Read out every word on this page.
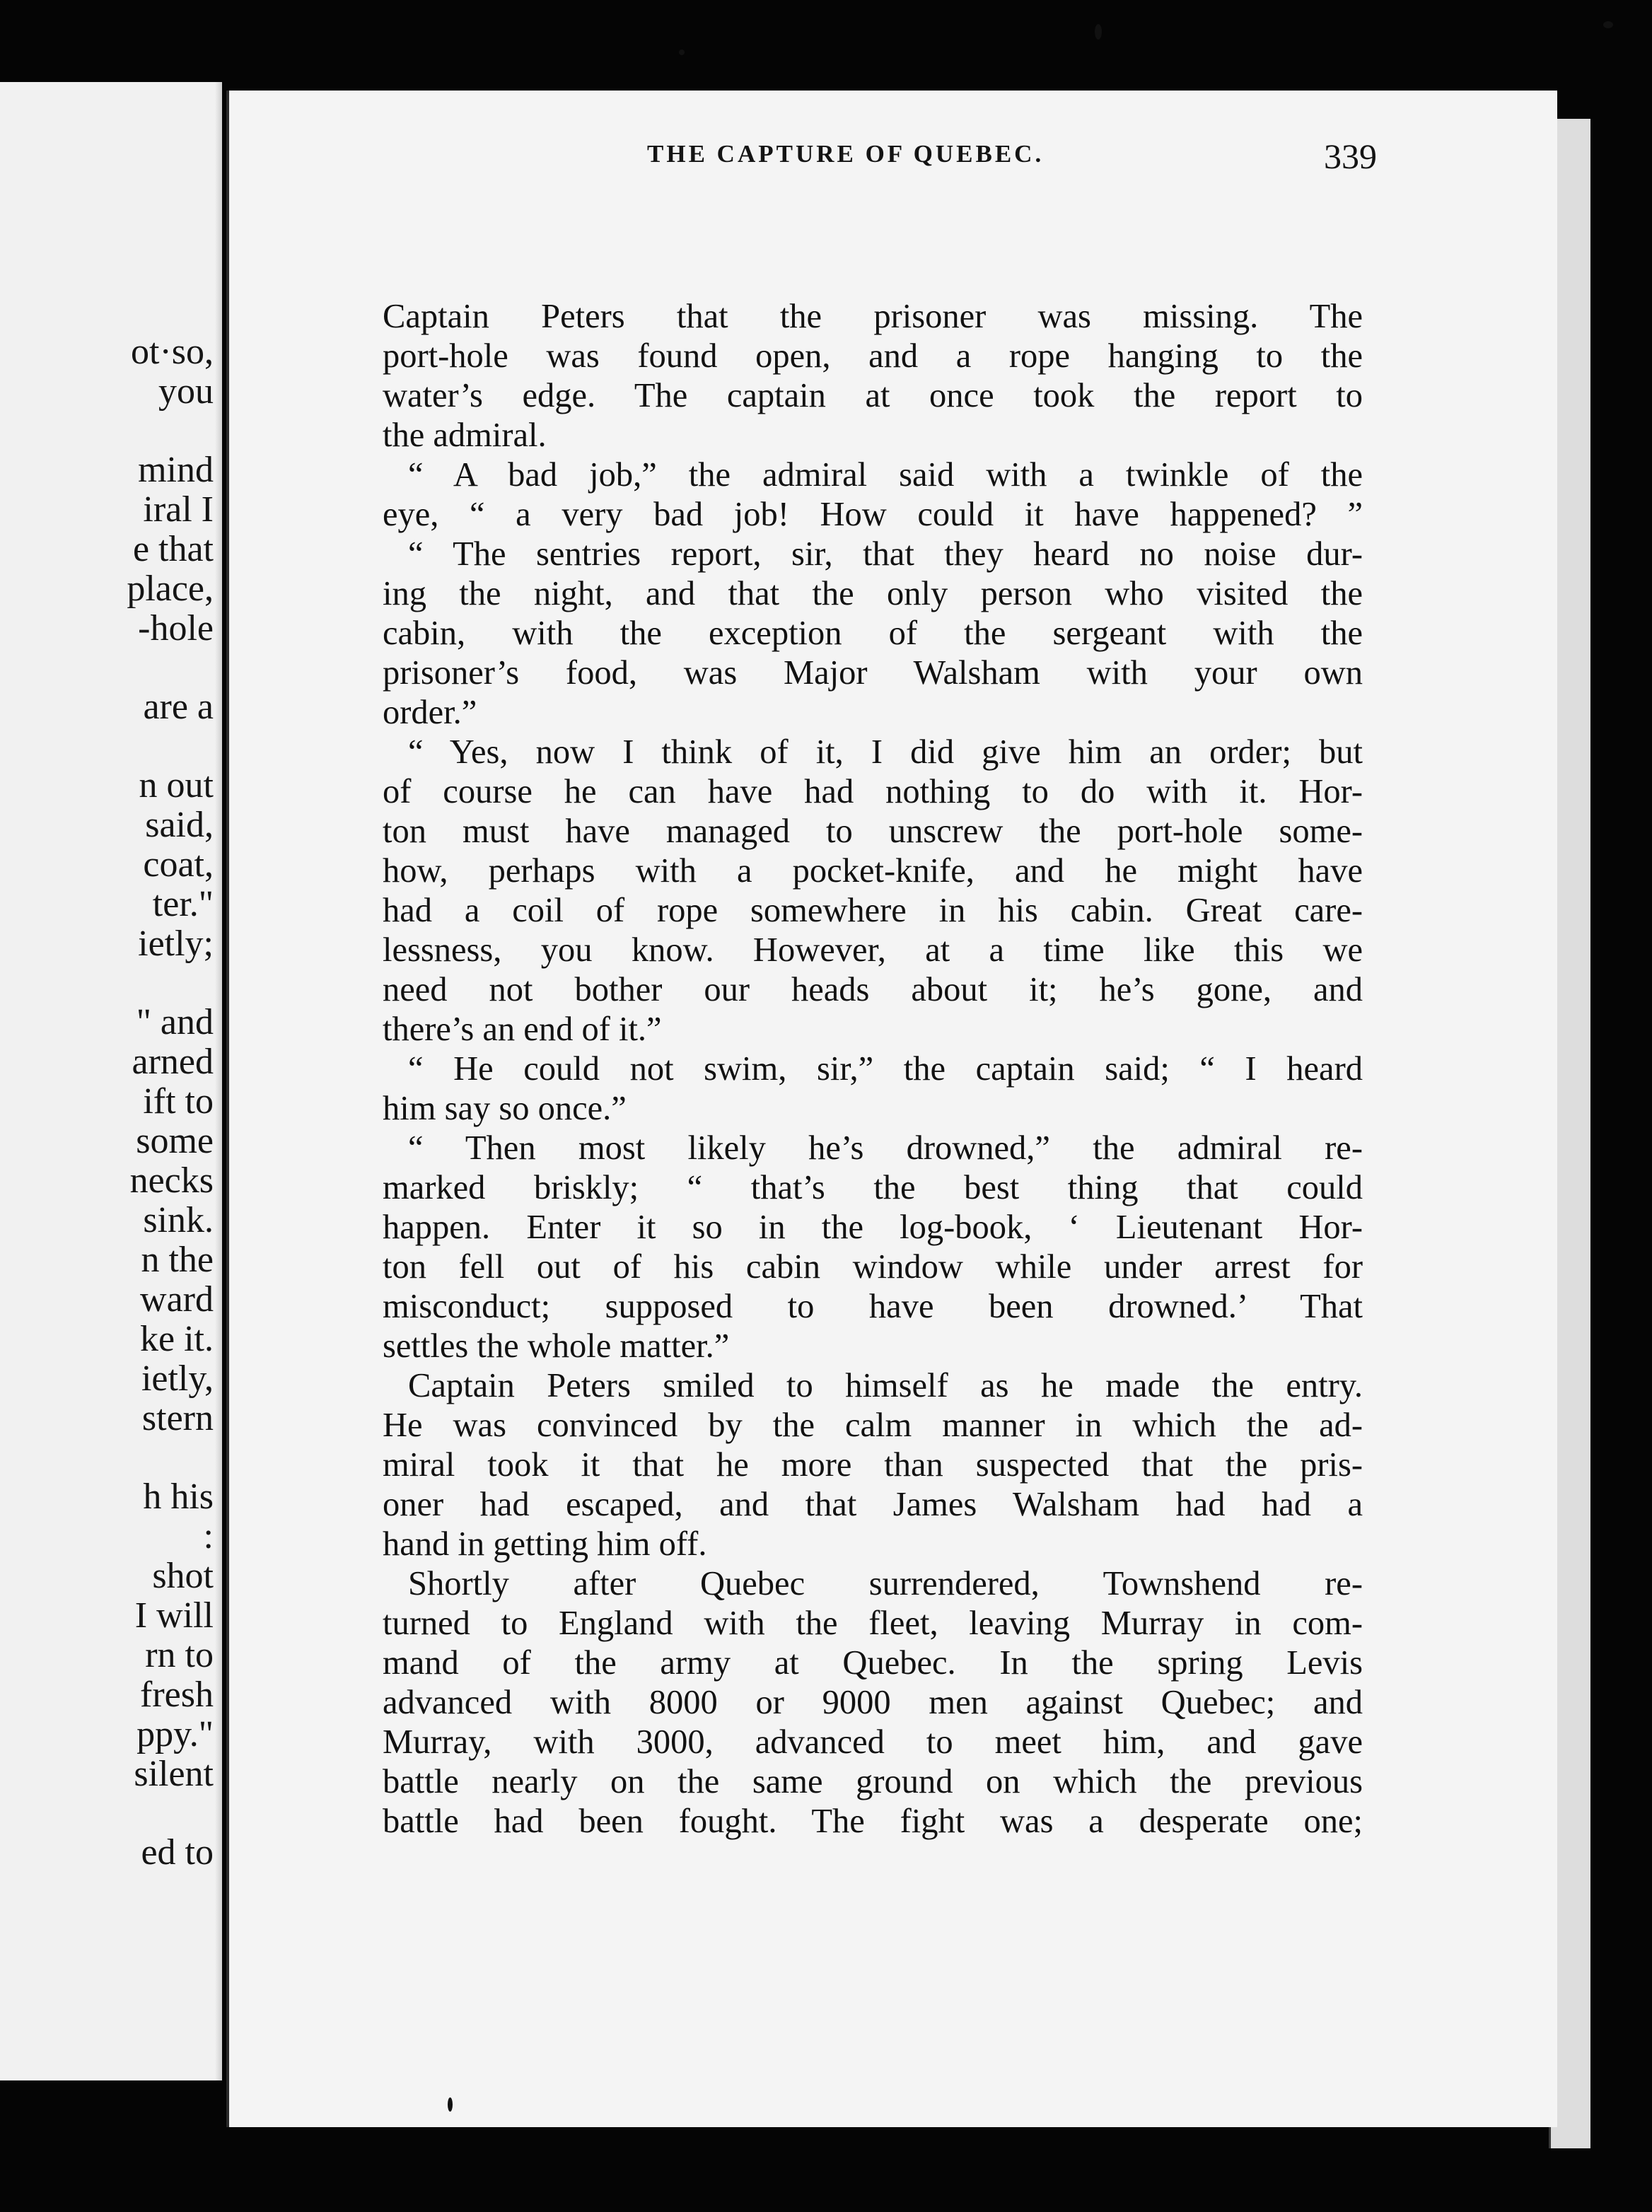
ot·so,
you
mind
iral I
e that
place,
-hole
are a
n out
said,
coat,
ter."
ietly;
" and
arned
ift to
some
necks
sink.
n the
ward
ke it.
ietly,
stern
h his
:
shot
I will
rn to
fresh
ppy."
silent
ed to
THE CAPTURE OF QUEBEC.	339
Captain Peters that the prisoner was missing. The
port-hole was found open, and a rope hanging to the
water’s edge. The captain at once took the report to
the admiral.
“ A bad job,” the admiral said with a twinkle of the
eye, “ a very bad job! How could it have happened? ”
“ The sentries report, sir, that they heard no noise dur-
ing the night, and that the only person who visited the
cabin, with the exception of the sergeant with the
prisoner’s food, was Major Walsham with your own
order.”
“ Yes, now I think of it, I did give him an order; but
of course he can have had nothing to do with it. Hor-
ton must have managed to unscrew the port-hole some-
how, perhaps with a pocket-knife, and he might have
had a coil of rope somewhere in his cabin. Great care-
lessness, you know. However, at a time like this we
need not bother our heads about it; he’s gone, and
there’s an end of it.”
“ He could not swim, sir,” the captain said; “ I heard
him say so once.”
“ Then most likely he’s drowned,” the admiral re-
marked briskly; “ that’s the best thing that could
happen. Enter it so in the log-book, ‘ Lieutenant Hor-
ton fell out of his cabin window while under arrest for
misconduct; supposed to have been drowned.’ That
settles the whole matter.”
Captain Peters smiled to himself as he made the entry.
He was convinced by the calm manner in which the ad-
miral took it that he more than suspected that the pris-
oner had escaped, and that James Walsham had had a
hand in getting him off.
Shortly after Quebec surrendered, Townshend re-
turned to England with the fleet, leaving Murray in com-
mand of the army at Quebec. In the spring Levis
advanced with 8000 or 9000 men against Quebec; and
Murray, with 3000, advanced to meet him, and gave
battle nearly on the same ground on which the previous
battle had been fought. The fight was a desperate one;
